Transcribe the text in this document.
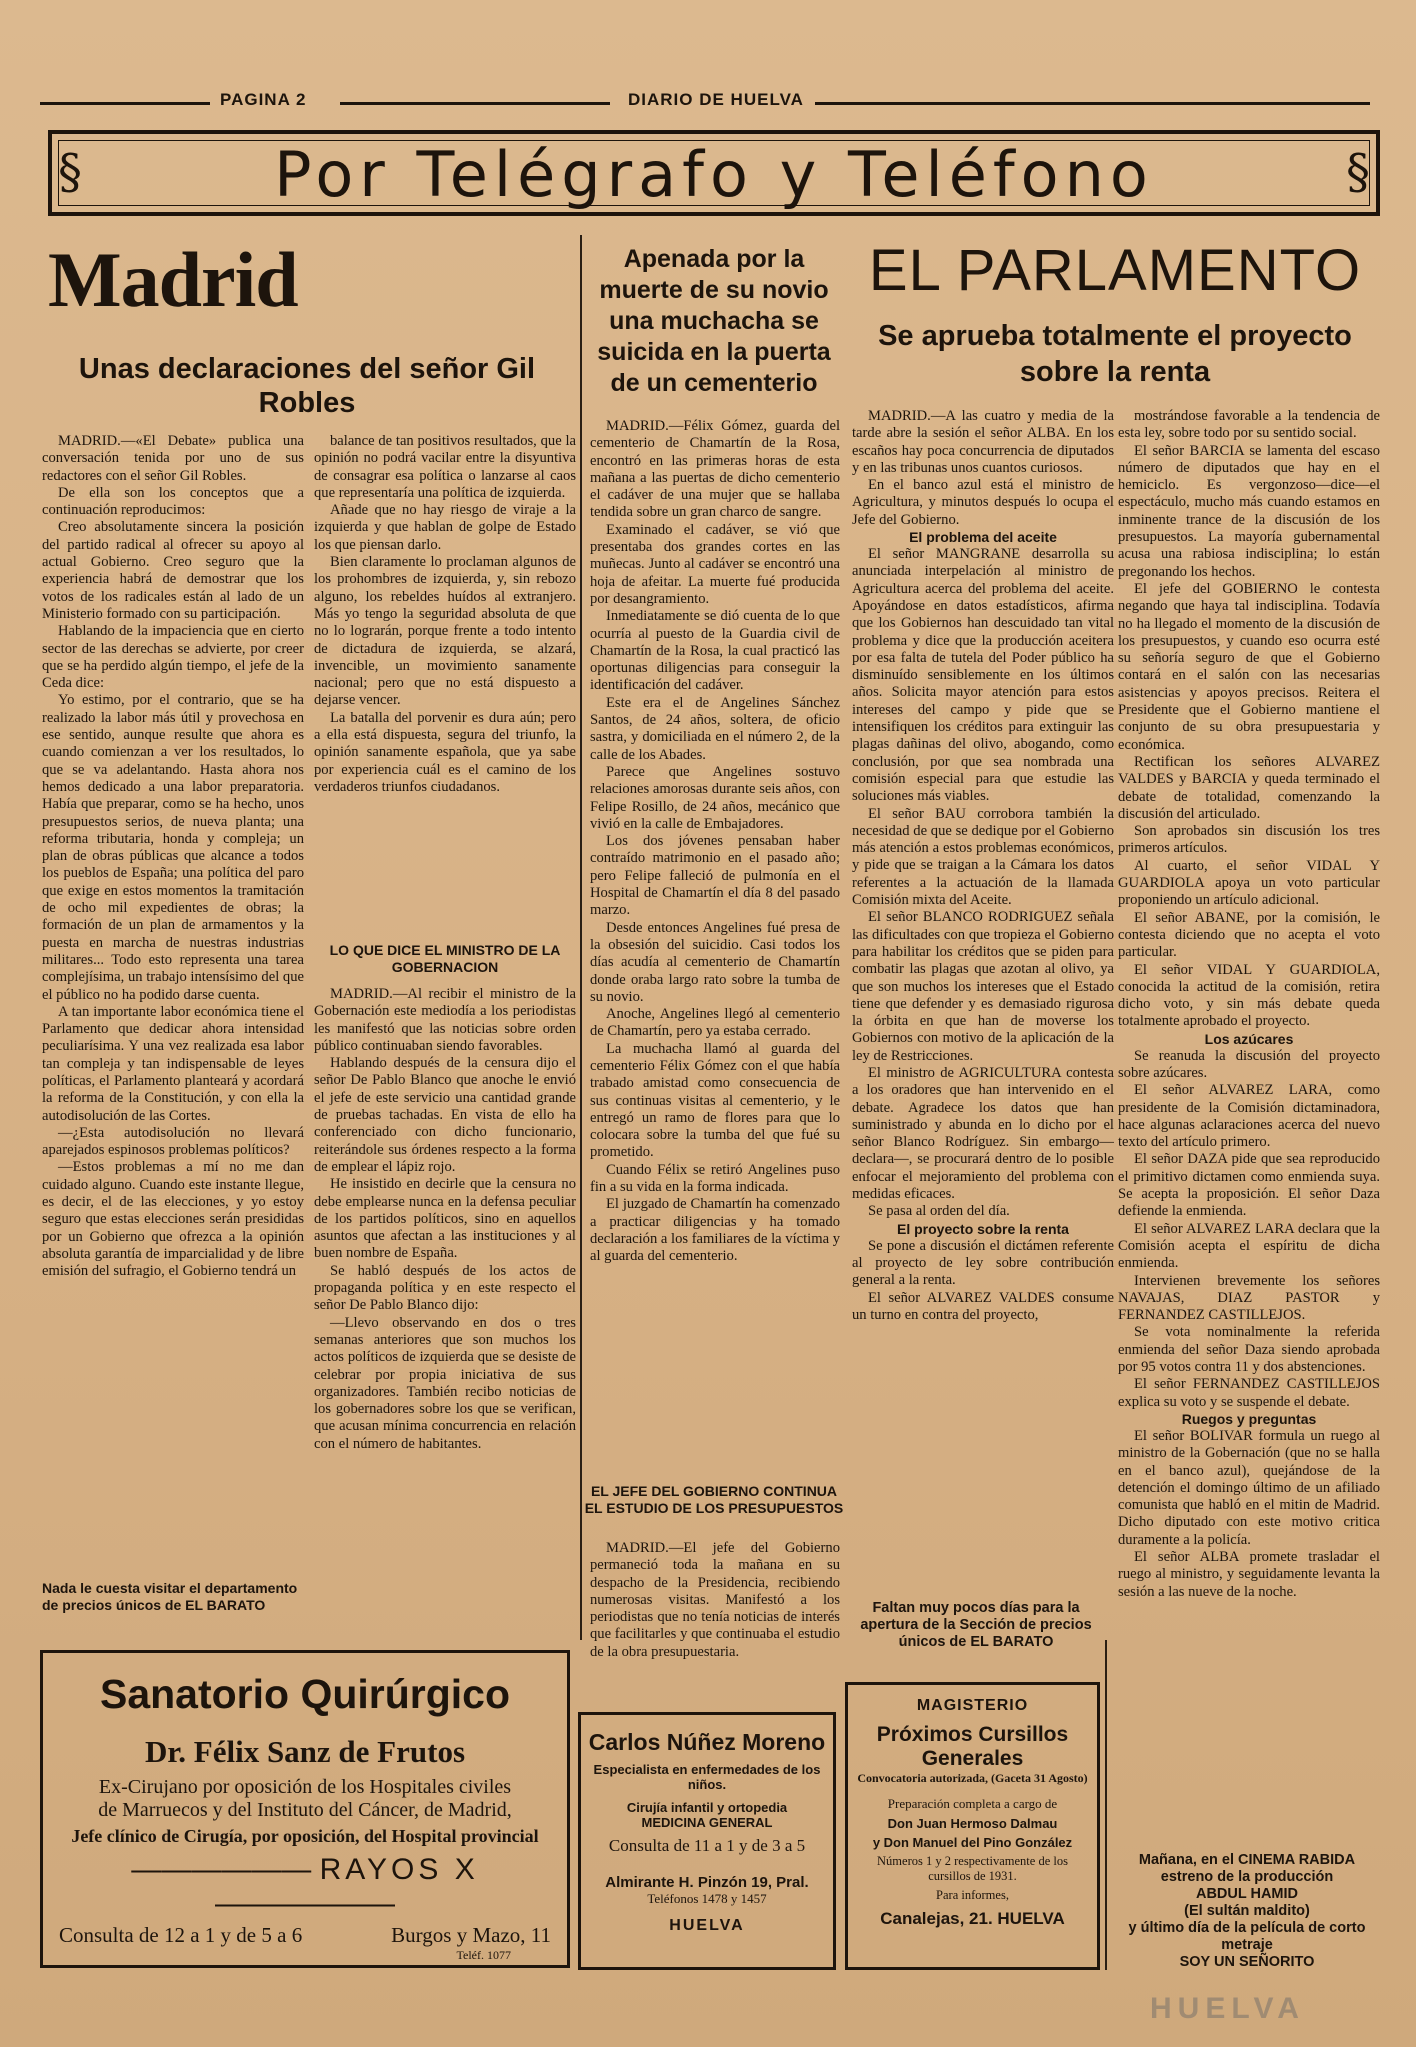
PAGINA 2	DIARIO DE HUELVA
§	Por Telégrafo y Teléfono	§
Madrid
Unas declaraciones del señor Gil Robles

MADRID.—«El Debate» publica una conversación tenida por uno de sus redactores con el señor Gil Robles.

De ella son los conceptos que a continuación reproducimos:

Creo absolutamente sincera la posición del partido radical al ofrecer su apoyo al actual Gobierno. Creo seguro que la experiencia habrá de demostrar que los votos de los radicales están al lado de un Ministerio formado con su participación.

Hablando de la impaciencia que en cierto sector de las derechas se advierte, por creer que se ha perdido algún tiempo, el jefe de la Ceda dice:

Yo estimo, por el contrario, que se ha realizado la labor más útil y provechosa en ese sentido, aunque resulte que ahora es cuando comienzan a ver los resultados, lo que se va adelantando. Hasta ahora nos hemos dedicado a una labor preparatoria. Había que preparar, como se ha hecho, unos presupuestos serios, de nueva planta; una reforma tributaria, honda y compleja; un plan de obras públicas que alcance a todos los pueblos de España; una política del paro que exige en estos momentos la tramitación de ocho mil expedientes de obras; la formación de un plan de armamentos y la puesta en marcha de nuestras industrias militares... Todo esto representa una tarea complejísima, un trabajo intensísimo del que el público no ha podido darse cuenta.

A tan importante labor económica tiene el Parlamento que dedicar ahora intensidad peculiarísima. Y una vez realizada esa labor tan compleja y tan indispensable de leyes políticas, el Parlamento planteará y acordará la reforma de la Constitución, y con ella la autodisolución de las Cortes.

—¿Esta autodisolución no llevará aparejados espinosos problemas políticos?

—Estos problemas a mí no me dan cuidado alguno. Cuando este instante llegue, es decir, el de las elecciones, y yo estoy seguro que estas elecciones serán presididas por un Gobierno que ofrezca a la opinión absoluta garantía de imparcialidad y de libre emisión del sufragio, el Gobierno tendrá un

balance de tan positivos resultados, que la opinión no podrá vacilar entre la disyuntiva de consagrar esa política o lanzarse al caos que representaría una política de izquierda.

Añade que no hay riesgo de viraje a la izquierda y que hablan de golpe de Estado los que piensan darlo.

Bien claramente lo proclaman algunos de los prohombres de izquierda, y, sin rebozo alguno, los rebeldes huídos al extranjero. Más yo tengo la seguridad absoluta de que no lo lograrán, porque frente a todo intento de dictadura de izquierda, se alzará, invencible, un movimiento sanamente nacional; pero que no está dispuesto a dejarse vencer.

La batalla del porvenir es dura aún; pero a ella está dispuesta, segura del triunfo, la opinión sanamente española, que ya sabe por experiencia cuál es el camino de los verdaderos triunfos ciudadanos.

LO QUE DICE EL MINISTRO DE LA GOBERNACION

MADRID.—Al recibir el ministro de la Gobernación este mediodía a los periodistas les manifestó que las noticias sobre orden público continuaban siendo favorables.

Hablando después de la censura dijo el señor De Pablo Blanco que anoche le envió el jefe de este servicio una cantidad grande de pruebas tachadas. En vista de ello ha conferenciado con dicho funcionario, reiterándole sus órdenes respecto a la forma de emplear el lápiz rojo.

He insistido en decirle que la censura no debe emplearse nunca en la defensa peculiar de los partidos políticos, sino en aquellos asuntos que afectan a las instituciones y al buen nombre de España.

Se habló después de los actos de propaganda política y en este respecto el señor De Pablo Blanco dijo:

—Llevo observando en dos o tres semanas anteriores que son muchos los actos políticos de izquierda que se desiste de celebrar por propia iniciativa de sus organizadores. También recibo noticias de los gobernadores sobre los que se verifican, que acusan mínima concurrencia en relación con el número de habitantes.

Nada le cuesta visitar el departamento de precios únicos de EL BARATO
Apenada por la muerte de su novio una muchacha se suicida en la puerta de un cementerio

MADRID.—Félix Gómez, guarda del cementerio de Chamartín de la Rosa, encontró en las primeras horas de esta mañana a las puertas de dicho cementerio el cadáver de una mujer que se hallaba tendida sobre un gran charco de sangre.

Examinado el cadáver, se vió que presentaba dos grandes cortes en las muñecas. Junto al cadáver se encontró una hoja de afeitar. La muerte fué producida por desangramiento.

Inmediatamente se dió cuenta de lo que ocurría al puesto de la Guardia civil de Chamartín de la Rosa, la cual practicó las oportunas diligencias para conseguir la identificación del cadáver.

Este era el de Angelines Sánchez Santos, de 24 años, soltera, de oficio sastra, y domiciliada en el número 2, de la calle de los Abades.

Parece que Angelines sostuvo relaciones amorosas durante seis años, con Felipe Rosillo, de 24 años, mecánico que vivió en la calle de Embajadores.

Los dos jóvenes pensaban haber contraído matrimonio en el pasado año; pero Felipe falleció de pulmonía en el Hospital de Chamartín el día 8 del pasado marzo.

Desde entonces Angelines fué presa de la obsesión del suicidio. Casi todos los días acudía al cementerio de Chamartín donde oraba largo rato sobre la tumba de su novio.

Anoche, Angelines llegó al cementerio de Chamartín, pero ya estaba cerrado.

La muchacha llamó al guarda del cementerio Félix Gómez con el que había trabado amistad como consecuencia de sus continuas visitas al cementerio, y le entregó un ramo de flores para que lo colocara sobre la tumba del que fué su prometido.

Cuando Félix se retiró Angelines puso fin a su vida en la forma indicada.

El juzgado de Chamartín ha comenzado a practicar diligencias y ha tomado declaración a los familiares de la víctima y al guarda del cementerio.

EL JEFE DEL GOBIERNO CONTINUA EL ESTUDIO DE LOS PRESUPUESTOS

MADRID.—El jefe del Gobierno permaneció toda la mañana en su despacho de la Presidencia, recibiendo numerosas visitas. Manifestó a los periodistas que no tenía noticias de interés que facilitarles y que continuaba el estudio de la obra presupuestaria.

EL PARLAMENTO
Se aprueba totalmente el proyecto sobre la renta

MADRID.—A las cuatro y media de la tarde abre la sesión el señor ALBA. En los escaños hay poca concurrencia de diputados y en las tribunas unos cuantos curiosos.

En el banco azul está el ministro de Agricultura, y minutos después lo ocupa el Jefe del Gobierno.

El problema del aceite

El señor MANGRANE desarrolla su anunciada interpelación al ministro de Agricultura acerca del problema del aceite. Apoyándose en datos estadísticos, afirma que los Gobiernos han descuidado tan vital problema y dice que la producción aceitera por esa falta de tutela del Poder público ha disminuído sensiblemente en los últimos años. Solicita mayor atención para estos intereses del campo y pide que se intensifiquen los créditos para extinguir las plagas dañinas del olivo, abogando, como conclusión, por que sea nombrada una comisión especial para que estudie las soluciones más viables.

El señor BAU corrobora también la necesidad de que se dedique por el Gobierno más atención a estos problemas económicos, y pide que se traigan a la Cámara los datos referentes a la actuación de la llamada Comisión mixta del Aceite.

El señor BLANCO RODRIGUEZ señala las dificultades con que tropieza el Gobierno para habilitar los créditos que se piden para combatir las plagas que azotan al olivo, ya que son muchos los intereses que el Estado tiene que defender y es demasiado rigurosa la órbita en que han de moverse los Gobiernos con motivo de la aplicación de la ley de Restricciones.

El ministro de AGRICULTURA contesta a los oradores que han intervenido en el debate. Agradece los datos que han suministrado y abunda en lo dicho por el señor Blanco Rodríguez. Sin embargo—declara—, se procurará dentro de lo posible enfocar el mejoramiento del problema con medidas eficaces.

Se pasa al orden del día.

El proyecto sobre la renta

Se pone a discusión el dictámen referente al proyecto de ley sobre contribución general a la renta.

El señor ALVAREZ VALDES consume un turno en contra del proyecto,

mostrándose favorable a la tendencia de esta ley, sobre todo por su sentido social.

El señor BARCIA se lamenta del escaso número de diputados que hay en el hemiciclo. Es vergonzoso—dice—el espectáculo, mucho más cuando estamos en inminente trance de la discusión de los presupuestos. La mayoría gubernamental acusa una rabiosa indisciplina; lo están pregonando los hechos.

El jefe del GOBIERNO le contesta negando que haya tal indisciplina. Todavía no ha llegado el momento de la discusión de los presupuestos, y cuando eso ocurra esté su señoría seguro de que el Gobierno contará en el salón con las necesarias asistencias y apoyos precisos. Reitera el Presidente que el Gobierno mantiene el conjunto de su obra presupuestaria y económica.

Rectifican los señores ALVAREZ VALDES y BARCIA y queda terminado el debate de totalidad, comenzando la discusión del articulado.

Son aprobados sin discusión los tres primeros artículos.

Al cuarto, el señor VIDAL Y GUARDIOLA apoya un voto particular proponiendo un artículo adicional.

El señor ABANE, por la comisión, le contesta diciendo que no acepta el voto particular.

El señor VIDAL Y GUARDIOLA, conocida la actitud de la comisión, retira dicho voto, y sin más debate queda totalmente aprobado el proyecto.

Los azúcares

Se reanuda la discusión del proyecto sobre azúcares.

El señor ALVAREZ LARA, como presidente de la Comisión dictaminadora, hace algunas aclaraciones acerca del nuevo texto del artículo primero.

El señor DAZA pide que sea reproducido el primitivo dictamen como enmienda suya. Se acepta la proposición. El señor Daza defiende la enmienda.

El señor ALVAREZ LARA declara que la Comisión acepta el espíritu de dicha enmienda.

Intervienen brevemente los señores NAVAJAS, DIAZ PASTOR y FERNANDEZ CASTILLEJOS.

Se vota nominalmente la referida enmienda del señor Daza siendo aprobada por 95 votos contra 11 y dos abstenciones.

El señor FERNANDEZ CASTILLEJOS explica su voto y se suspende el debate.

Ruegos y preguntas

El señor BOLIVAR formula un ruego al ministro de la Gobernación (que no se halla en el banco azul), quejándose de la detención el domingo último de un afiliado comunista que habló en el mitin de Madrid. Dicho diputado con este motivo critica duramente a la policía.

El señor ALBA promete trasladar el ruego al ministro, y seguidamente levanta la sesión a las nueve de la noche.

Faltan muy pocos días para la apertura de la Sección de precios únicos de EL BARATO
Sanatorio Quirúrgico
Dr. Félix Sanz de Frutos
Ex-Cirujano por oposición de los Hospitales civiles
de Marruecos y del Instituto del Cáncer, de Madrid,
Jefe clínico de Cirugía, por oposición, del Hospital provincial
—————— RAYOS X ——————
Consulta de 12 a 1 y de 5 a 6	Burgos y Mazo, 11
Teléf. 1077
Carlos Núñez Moreno
Especialista en enfermedades de los niños.
Cirujía infantil y ortopedia
MEDICINA GENERAL
Consulta de 11 a 1 y de 3 a 5
Almirante H. Pinzón 19, Pral.
Teléfonos 1478 y 1457
HUELVA
MAGISTERIO
Próximos Cursillos Generales
Convocatoria autorizada, (Gaceta 31 Agosto)
Preparación completa a cargo de
Don Juan Hermoso Dalmau
y Don Manuel del Pino González
Números 1 y 2 respectivamente de los cursillos de 1931.
Para informes,
Canalejas, 21. HUELVA
Mañana, en el CINEMA RABIDA
estreno de la producción
ABDUL HAMID
(El sultán maldito)
y último día de la película de corto metraje
SOY UN SEÑORITO
HUELVA
